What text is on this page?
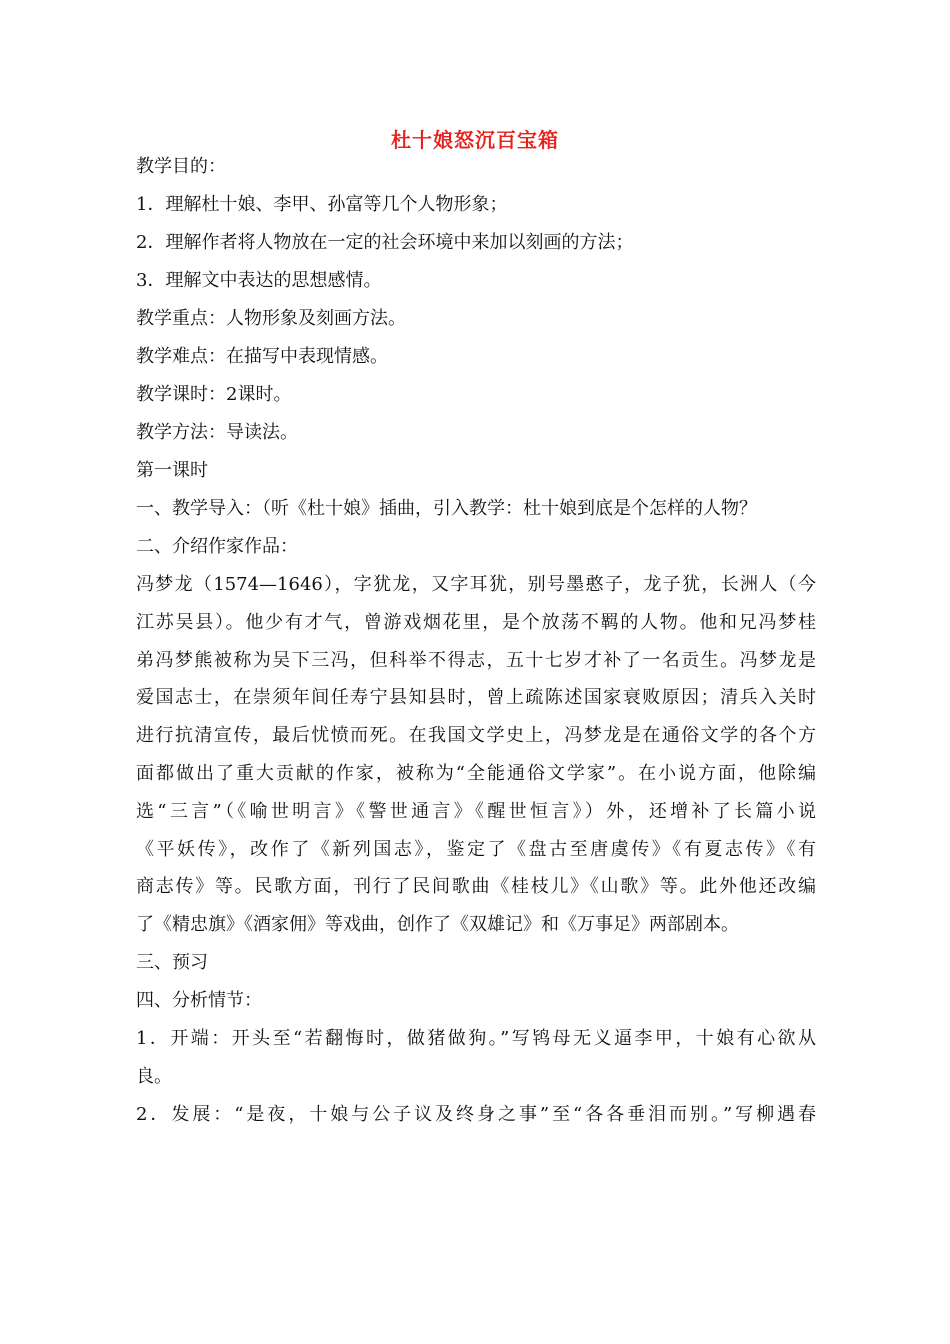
杜十娘怒沉百宝箱
教学目的：
1．理解杜十娘、李甲、孙富等几个人物形象；
2．理解作者将人物放在一定的社会环境中来加以刻画的方法；
3．理解文中表达的思想感情。
教学重点：人物形象及刻画方法。
教学难点：在描写中表现情感。
教学课时：2课时。
教学方法：导读法。
第一课时
一、教学导入：（听《杜十娘》插曲，引入教学：杜十娘到底是个怎样的人物？
二、介绍作家作品：
冯梦龙（1574—1646），字犹龙，又字耳犹，别号墨憨子，龙子犹，长洲人（今
江苏吴县）。他少有才气，曾游戏烟花里，是个放荡不羁的人物。他和兄冯梦桂
弟冯梦熊被称为吴下三冯，但科举不得志，五十七岁才补了一名贡生。冯梦龙是
爱国志士，在崇须年间任寿宁县知县时，曾上疏陈述国家衰败原因；清兵入关时
进行抗清宣传，最后忧愤而死。在我国文学史上，冯梦龙是在通俗文学的各个方
面都做出了重大贡献的作家，被称为“全能通俗文学家”。在小说方面，他除编
选“三言”（《喻世明言》《警世通言》《醒世恒言》）外，还增补了长篇小说
《平妖传》，改作了《新列国志》，鉴定了《盘古至唐虞传》《有夏志传》《有
商志传》等。民歌方面，刊行了民间歌曲《桂枝儿》《山歌》等。此外他还改编
了《精忠旗》《酒家佣》等戏曲，创作了《双雄记》和《万事足》两部剧本。
三、预习
四、分析情节：
1．开端：开头至“若翻悔时，做猪做狗。”写鸨母无义逼李甲，十娘有心欲从
良。
2．发展：“是夜，十娘与公子议及终身之事”至“各各垂泪而别。”写柳遇春
